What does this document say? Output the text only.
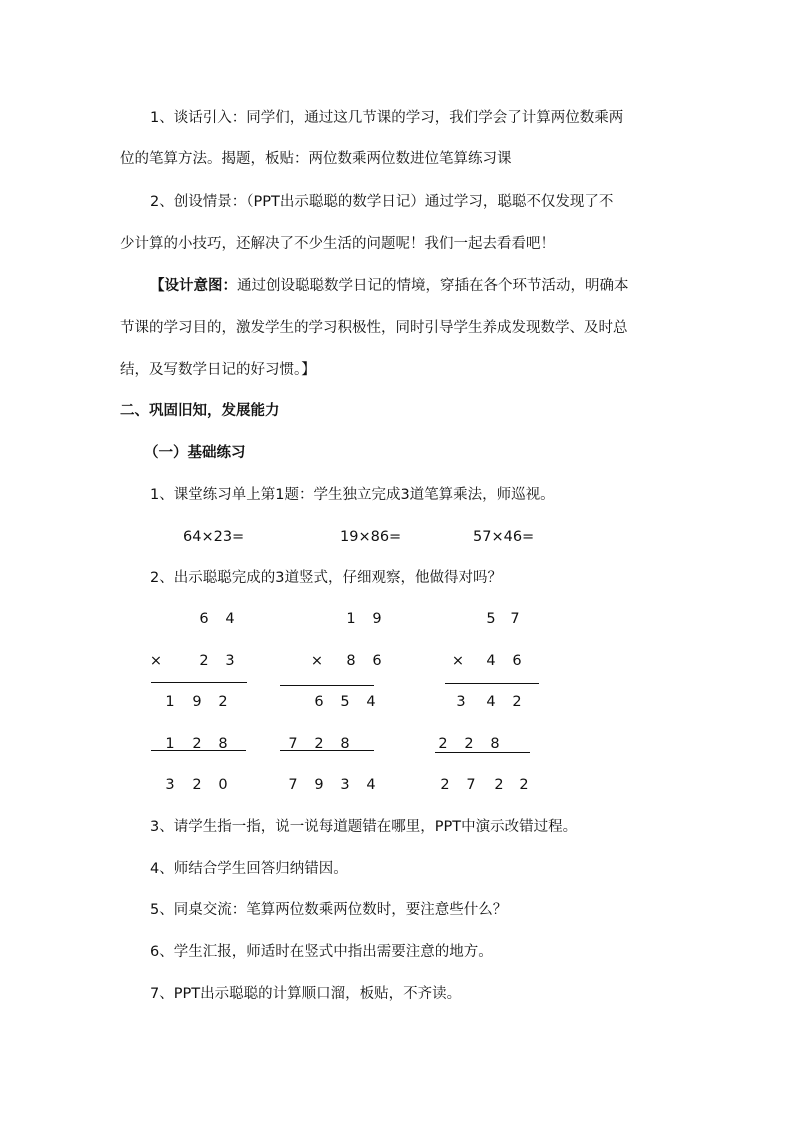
1、谈话引入：同学们，通过这几节课的学习，我们学会了计算两位数乘两
位的笔算方法。揭题，板贴：两位数乘两位数进位笔算练习课
2、创设情景：（PPT出示聪聪的数学日记）通过学习，聪聪不仅发现了不
少计算的小技巧，还解决了不少生活的问题呢！我们一起去看看吧！
【设计意图：通过创设聪聪数学日记的情境，穿插在各个环节活动，明确本
节课的学习目的，激发学生的学习积极性，同时引导学生养成发现数学、及时总
结，及写数学日记的好习惯。】
二、巩固旧知，发展能力
（一）基础练习
1、课堂练习单上第1题：学生独立完成3道笔算乘法，师巡视。
64×23=	19×86=	57×46=
2、出示聪聪完成的3道竖式，仔细观察，他做得对吗？
6	4
×	2	3
1	9	2
1	2	8
3	2	0
1	9
×	8	6
6	5	4
7	2	8
7	9	3	4
5	7
×	4	6
3	4	2
2	2	8
2	7	2	2
3、请学生指一指，说一说每道题错在哪里，PPT中演示改错过程。
4、师结合学生回答归纳错因。
5、同桌交流：笔算两位数乘两位数时，要注意些什么？
6、学生汇报，师适时在竖式中指出需要注意的地方。
7、PPT出示聪聪的计算顺口溜，板贴，不齐读。
